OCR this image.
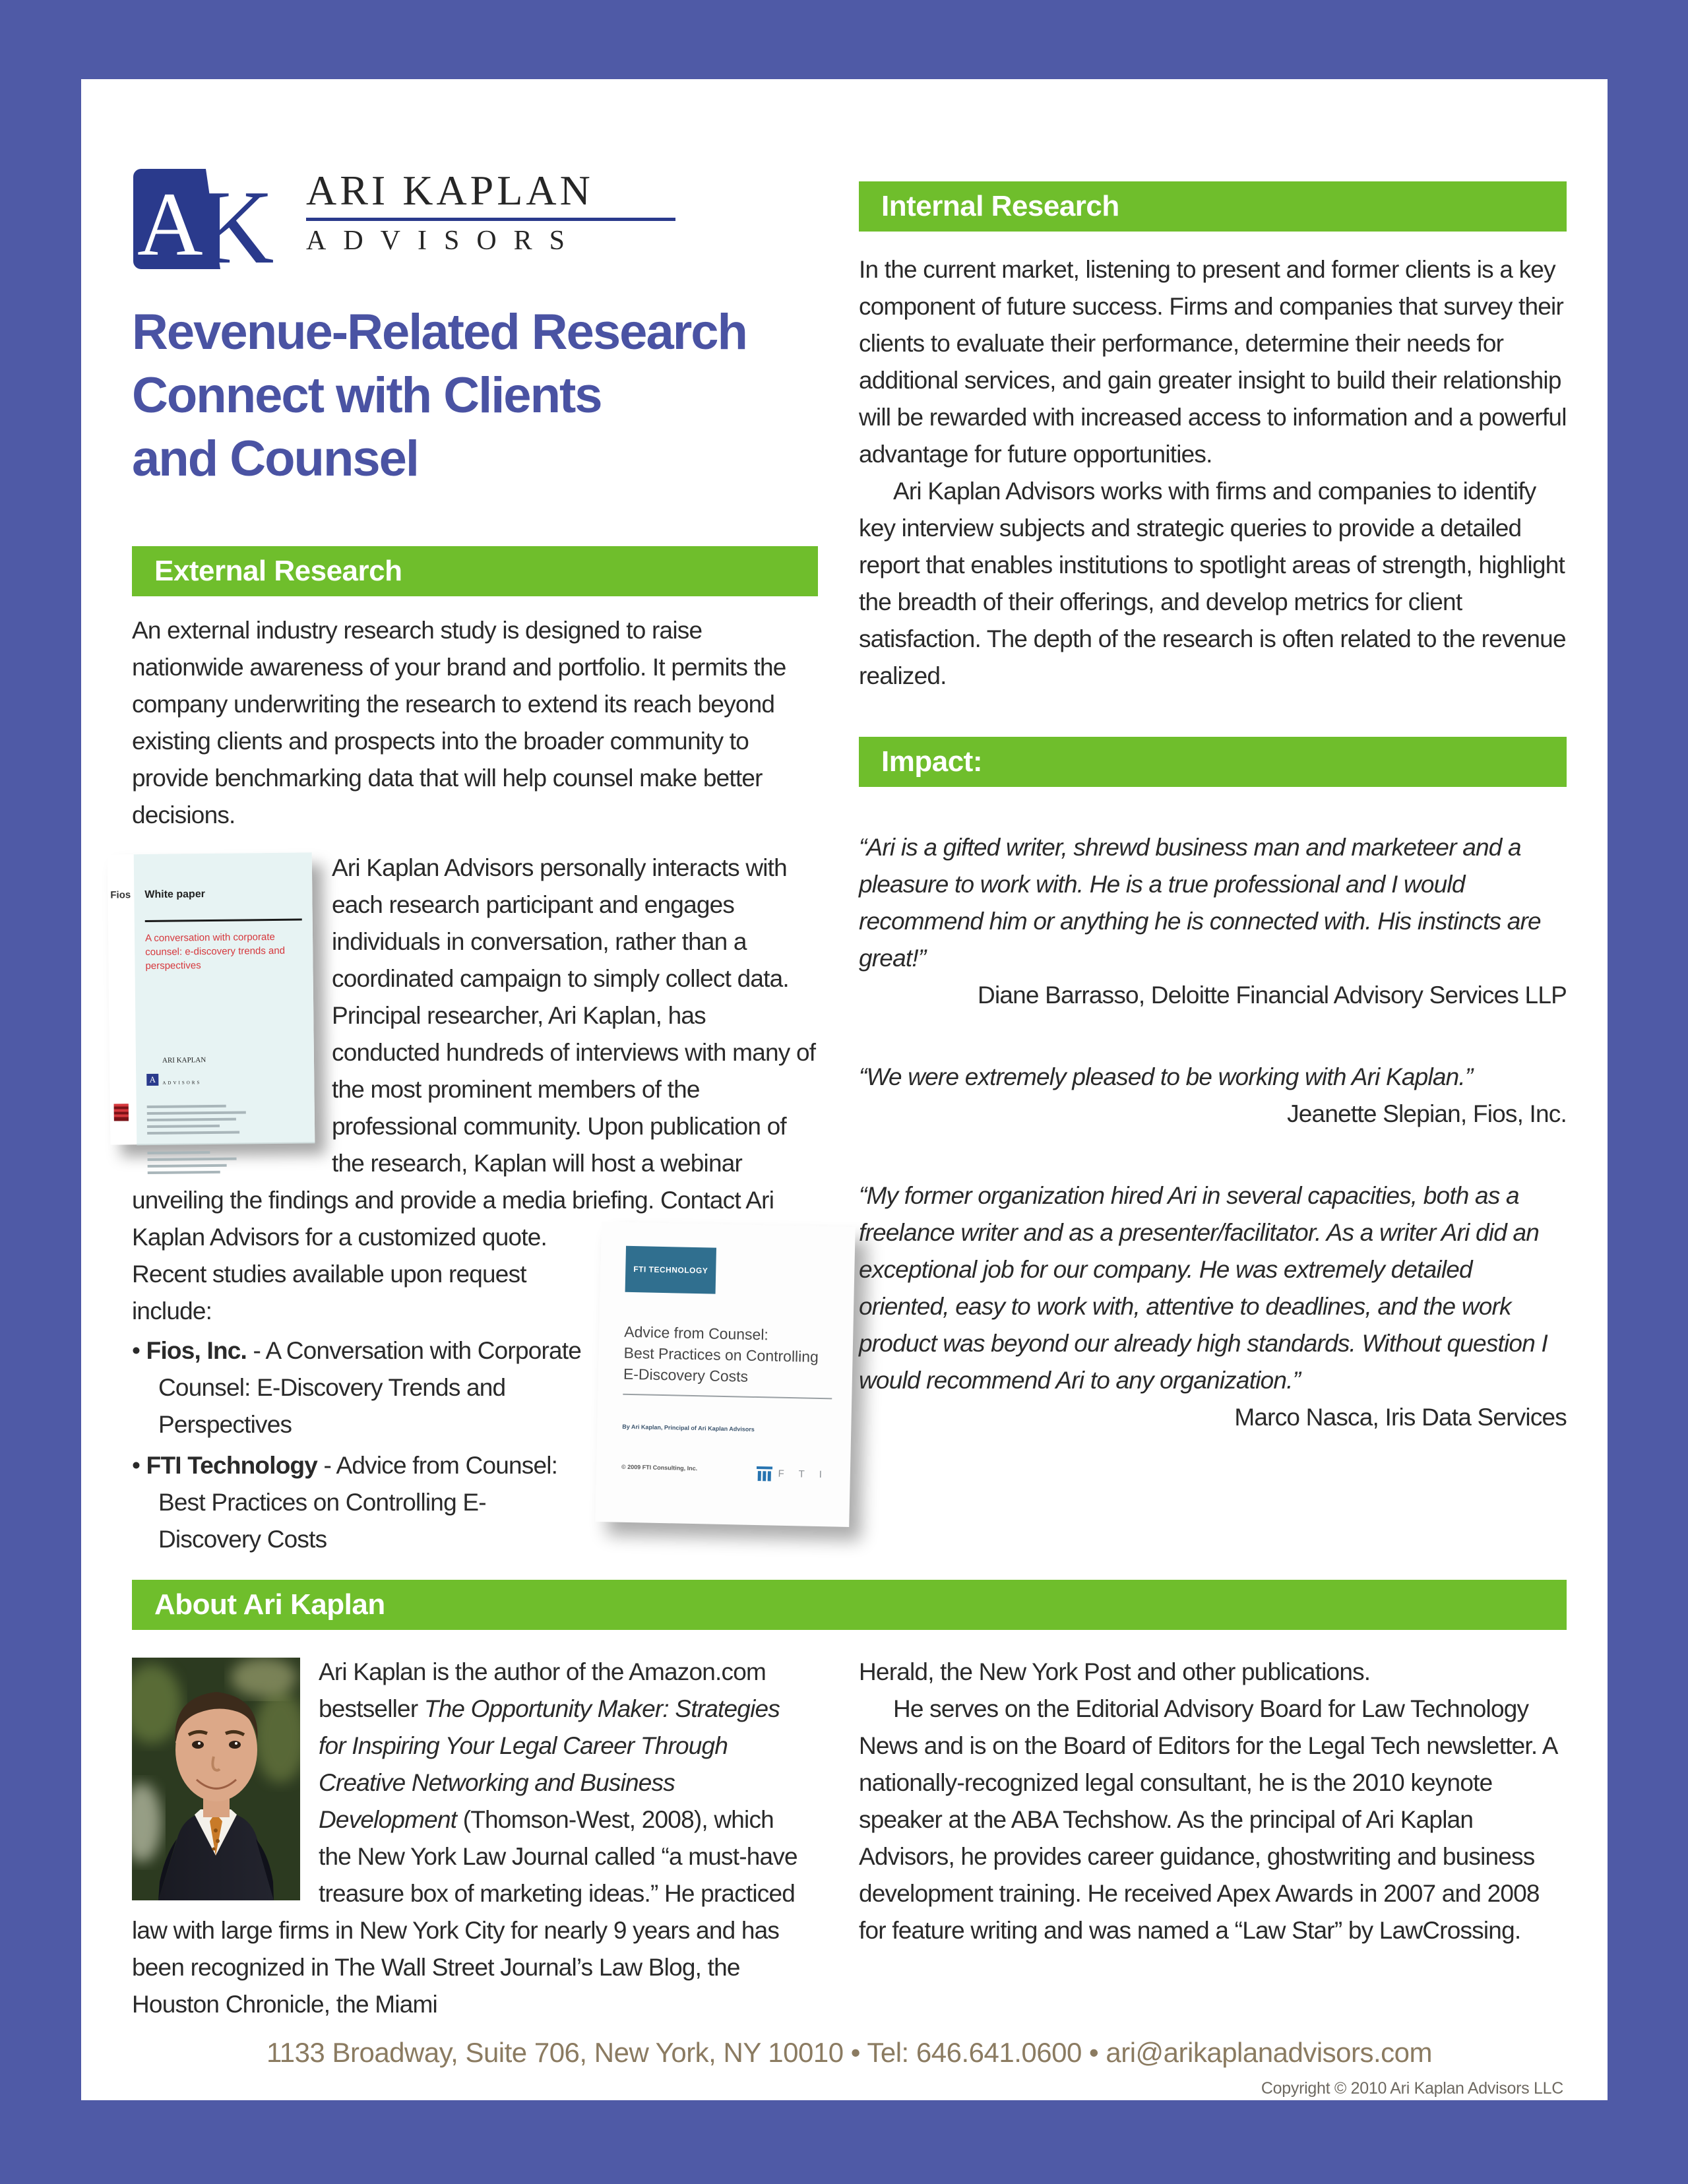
A
K ARI KAPLAN
ADVISORS
Revenue-Related Research
Connect with Clients
and Counsel
External Research

An external industry research study is designed to raise nationwide awareness of your brand and portfolio. It permits the company underwriting the research to extend its reach beyond existing clients and prospects into the broader community to provide benchmarking data that will help counsel make better decisions.

Fios White paper
A conversation with corporate counsel: e-discovery trends and perspectives
A
ARI KAPLAN
ADVISORS
Ari Kaplan Advisors personally interacts with each research participant and engages individuals in conversation, rather than a coordinated campaign to simply collect data. Principal researcher, Ari Kaplan, has conducted hundreds of interviews with many of the most prominent members of the professional community. Upon publication of the research, Kaplan will host a webinar unveiling the findings and provide a media briefing.
FTI TECHNOLOGY
Advice from Counsel:
Best Practices on Controlling
E-Discovery Costs
By Ari Kaplan, Principal of Ari Kaplan Advisors
© 2009 FTI Consulting, Inc.
F T I
Contact Ari Kaplan Advisors for a customized quote. Recent studies available upon request include:
• Fios, Inc. - A Conversation with Corporate Counsel: E-Discovery Trends and Perspectives
• FTI Technology - Advice from Counsel: Best Practices on Controlling E-Discovery Costs
Internal Research

In the current market, listening to present and former clients is a key component of future success. Firms and companies that survey their clients to evaluate their performance, determine their needs for additional services, and gain greater insight to build their relationship will be rewarded with increased access to information and a powerful advantage for future opportunities.

Ari Kaplan Advisors works with firms and companies to identify key interview subjects and strategic queries to provide a detailed report that enables institutions to spotlight areas of strength, highlight the breadth of their offerings, and develop metrics for client satisfaction. The depth of the research is often related to the revenue realized.

Impact:

“Ari is a gifted writer, shrewd business man and marketeer and a pleasure to work with. He is a true professional and I would recommend him or anything he is connected with. His instincts are great!”

Diane Barrasso, Deloitte Financial Advisory Services LLP

“We were extremely pleased to be working with Ari Kaplan.”

Jeanette Slepian, Fios, Inc.

“My former organization hired Ari in several capacities, both as a freelance writer and as a presenter/facilitator. As a writer Ari did an exceptional job for our company. He was extremely detailed oriented, easy to work with, attentive to deadlines, and the work product was beyond our already high standards. Without question I would recommend Ari to any organization.”

Marco Nasca, Iris Data Services

About Ari Kaplan
Ari Kaplan is the author of the Amazon.com bestseller The Opportunity Maker: Strategies for Inspiring Your Legal Career Through Creative Networking and Business Development (Thomson-West, 2008), which the New York Law Journal called “a must-have treasure box of marketing ideas.” He practiced law with large firms in New York City for nearly 9 years and has been recognized in The Wall Street Journal’s Law Blog, the Houston Chronicle, the Miami

Herald, the New York Post and other publications.

He serves on the Editorial Advisory Board for Law Technology News and is on the Board of Editors for the Legal Tech newsletter. A nationally-recognized legal consultant, he is the 2010 keynote speaker at the ABA Techshow. As the principal of Ari Kaplan Advisors, he provides career guidance, ghostwriting and business development training. He received Apex Awards in 2007 and 2008 for feature writing and was named a “Law Star” by LawCrossing.

1133 Broadway, Suite 706, New York, NY 10010 • Tel: 646.641.0600 • ari@arikaplanadvisors.com
Copyright © 2010 Ari Kaplan Advisors LLC
